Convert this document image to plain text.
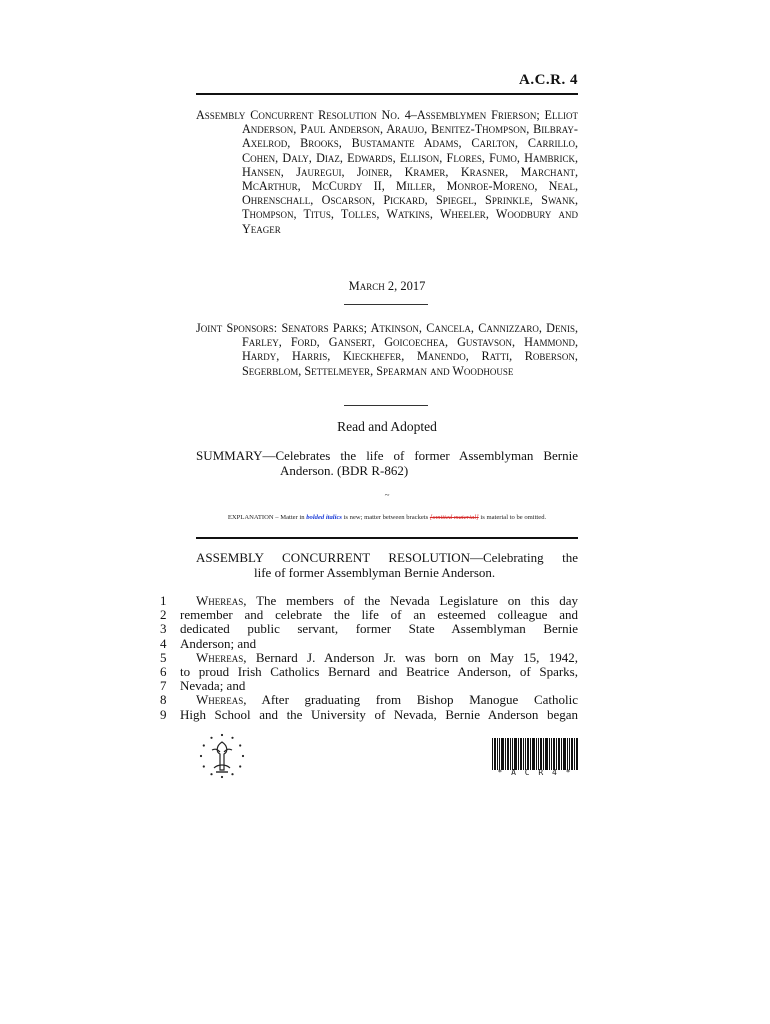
A.C.R. 4
Assembly Concurrent Resolution No. 4–Assemblymen Frierson; Elliot Anderson, Paul Anderson, Araujo, Benitez-Thompson, Bilbray-Axelrod, Brooks, Bustamante Adams, Carlton, Carrillo, Cohen, Daly, Diaz, Edwards, Ellison, Flores, Fumo, Hambrick, Hansen, Jauregui, Joiner, Kramer, Krasner, Marchant, McArthur, McCurdy II, Miller, Monroe-Moreno, Neal, Ohrenschall, Oscarson, Pickard, Spiegel, Sprinkle, Swank, Thompson, Titus, Tolles, Watkins, Wheeler, Woodbury and Yeager
March 2, 2017
Joint Sponsors: Senators Parks; Atkinson, Cancela, Cannizzaro, Denis, Farley, Ford, Gansert, Goicoechea, Gustavson, Hammond, Hardy, Harris, Kieckhefer, Manendo, Ratti, Roberson, Segerblom, Settelmeyer, Spearman and Woodhouse
Read and Adopted
SUMMARY—Celebrates the life of former Assemblyman Bernie
Anderson. (BDR R-862)
~
EXPLANATION – Matter in bolded italics is new; matter between brackets [omitted material] is material to be omitted.
ASSEMBLY CONCURRENT RESOLUTION—Celebrating the
life of former Assemblyman Bernie Anderson.
1	Whereas, The members of the Nevada Legislature on this day
2	remember and celebrate the life of an esteemed colleague and
3	dedicated public servant, former State Assemblyman Bernie
4	Anderson; and
5	Whereas, Bernard J. Anderson Jr. was born on May 15, 1942,
6	to proud Irish Catholics Bernard and Beatrice Anderson, of Sparks,
7	Nevada; and
8	Whereas, After graduating from Bishop Manogue Catholic
9	High School and the University of Nevada, Bernie Anderson began
* A C R 4 *
